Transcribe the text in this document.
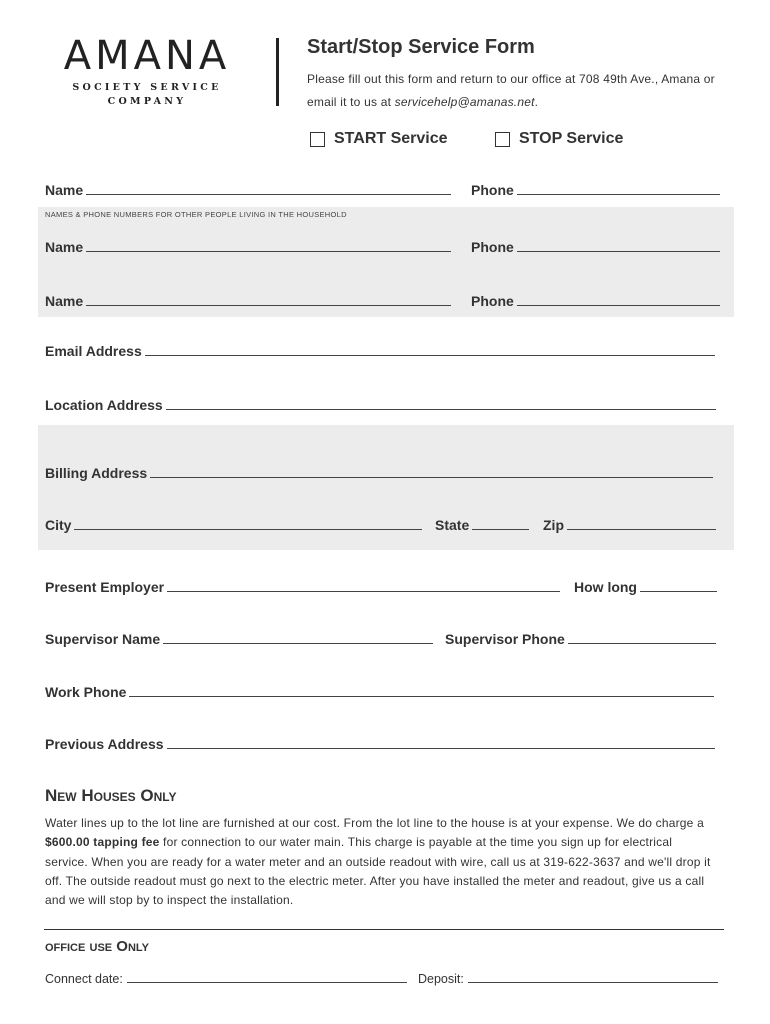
AMANA
SOCIETY SERVICE
COMPANY
Start/Stop Service Form
Please fill out this form and return to our office at 708 49th Ave., Amana or email it to us at servicehelp@amanas.net.
START Service	STOP Service
Name	Phone
NAMES & PHONE NUMBERS FOR OTHER PEOPLE LIVING IN THE HOUSEHOLD
Name	Phone
Name	Phone
Email Address
Location Address
Billing Address
City	State	Zip
Present Employer	How long
Supervisor Name	Supervisor Phone
Work Phone
Previous Address
New Houses Only
Water lines up to the lot line are furnished at our cost. From the lot line to the house is at your expense. We do charge a $600.00 tapping fee for connection to our water main. This charge is payable at the time you sign up for electrical service. When you are ready for a water meter and an outside readout with wire, call us at 319-622-3637 and we'll drop it off. The outside readout must go next to the electric meter. After you have installed the meter and readout, give us a call and we will stop by to inspect the installation.
office use Only
Connect date:	Deposit:
